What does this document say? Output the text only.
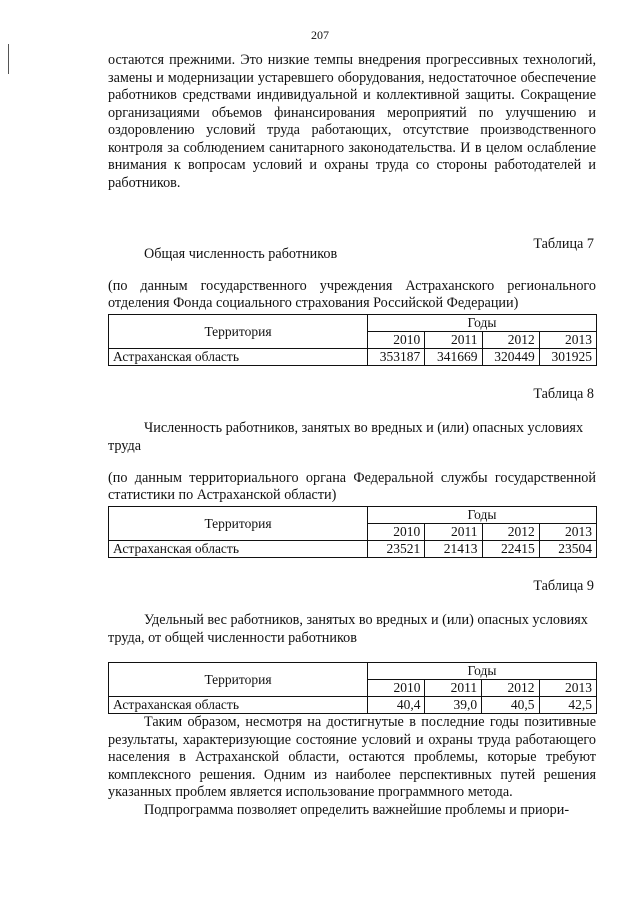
207

остаются прежними. Это низкие темпы внедрения прогрессивных технологий, замены и модернизации устаревшего оборудования, недостаточное обеспечение работников средствами индивидуальной и коллективной защиты. Сокращение организациями объемов финансирования мероприятий по улучшению и оздоровлению условий труда работающих, отсутствие производственного контроля за соблюдением санитарного законодательства. И в целом ослабление внимания к вопросам условий и охраны труда со стороны работодателей и работников.

Таблица 7

Общая численность работников

(по данным государственного учреждения Астраханского регионального отделения Фонда социального страхования Российской Федерации)

Территория	Годы			
	2010	2011	2012	2013
Астраханская область	353187	341669	320449	301925
Таблица 8

Численность работников, занятых во вредных и (или) опасных условиях труда

(по данным территориального органа Федеральной службы государственной статистики по Астраханской области)

Территория	Годы			
	2010	2011	2012	2013
Астраханская область	23521	21413	22415	23504
Таблица 9

Удельный вес работников, занятых во вредных и (или) опасных условиях труда, от общей численности работников

Территория	Годы			
	2010	2011	2012	2013
Астраханская область	40,4	39,0	40,5	42,5

Таким образом, несмотря на достигнутые в последние годы позитивные результаты, характеризующие состояние условий и охраны труда работающего населения в Астраханской области, остаются проблемы, которые требуют комплексного решения. Одним из наиболее перспективных путей решения указанных проблем является использование программного метода.

Подпрограмма позволяет определить важнейшие проблемы и приори-
